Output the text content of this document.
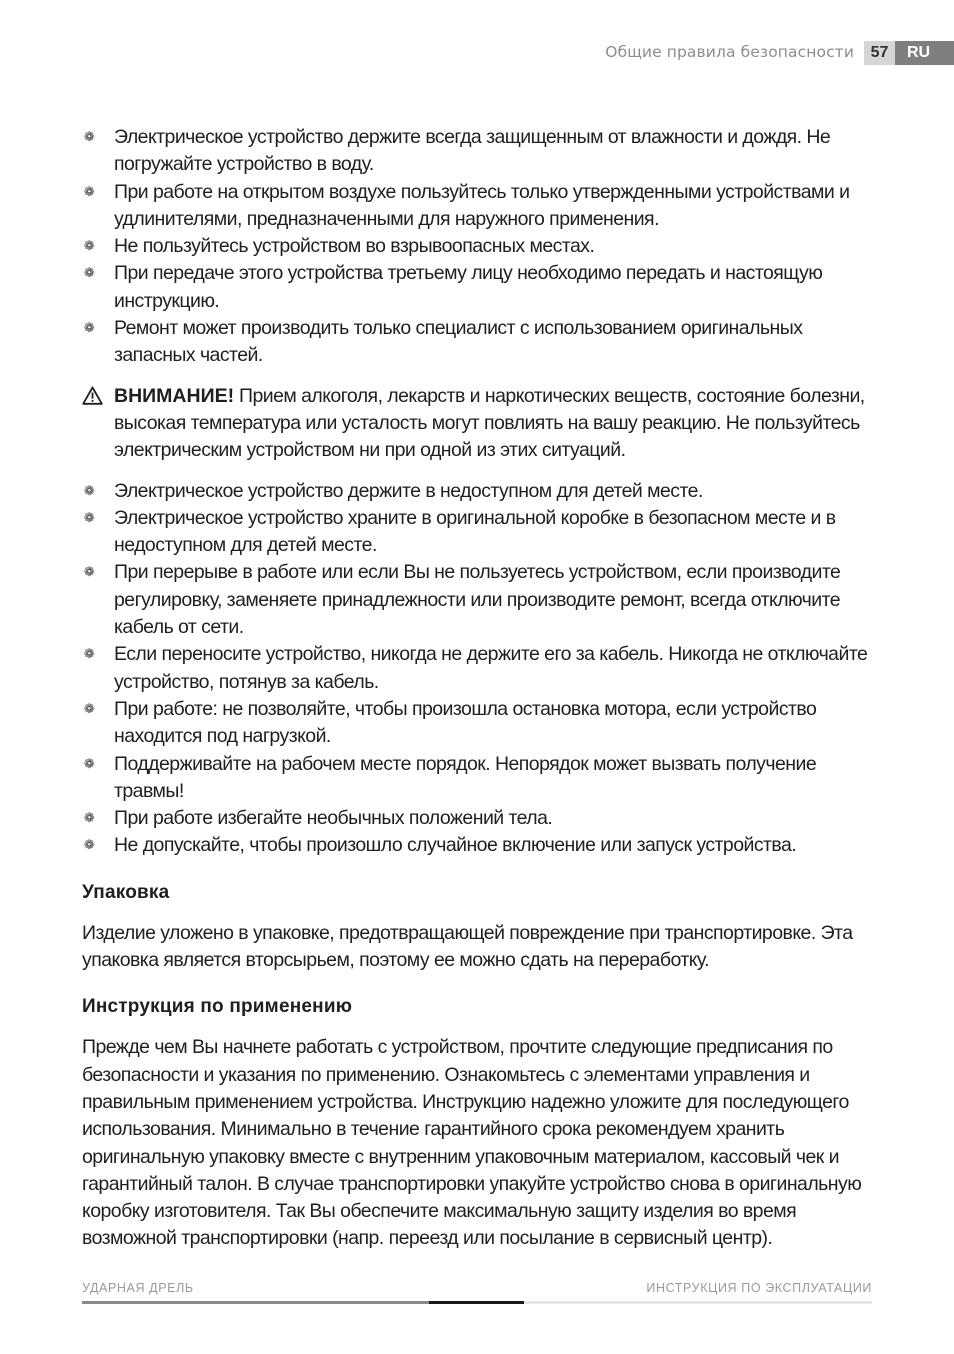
Общие правила безопасности	57	RU
❁ Электрическое устройство держите всегда защищенным от влажности и дождя. Не погружайте устройство в воду.
❁ При работе на открытом воздухе пользуйтесь только утвержденными устройствами и удлинителями, предназначенными для наружного применения.
❁ Не пользуйтесь устройством во взрывоопасных местах.
❁ При передаче этого устройства третьему лицу необходимо передать и настоящую инструкцию.
❁ Ремонт может производить только специалист с использованием оригинальных запасных частей.
ВНИМАНИЕ! Прием алкоголя, лекарств и наркотических веществ, состояние болезни, высокая температура или усталость могут повлиять на вашу реакцию. Не пользуйтесь электрическим устройством ни при одной из этих ситуаций.
❁ Электрическое устройство держите в недоступном для детей месте.
❁ Электрическое устройство храните в оригинальной коробке в безопасном месте и в недоступном для детей месте.
❁ При перерыве в работе или если Вы не пользуетесь устройством, если производите регулировку, заменяете принадлежности или производите ремонт, всегда отключите кабель от сети.
❁ Если переносите устройство, никогда не держите его за кабель. Никогда не отключайте устройство, потянув за кабель.
❁ При работе: не позволяйте, чтобы произошла остановка мотора, если устройство находится под нагрузкой.
❁ Поддерживайте на рабочем месте порядок. Непорядок может вызвать получение травмы!
❁ При работе избегайте необычных положений тела.
❁ Не допускайте, чтобы произошло случайное включение или запуск устройства.
Упаковка

Изделие уложено в упаковке, предотвращающей повреждение при транспортировке. Эта упаковка является вторсырьем, поэтому ее можно сдать на переработку.

Инструкция по применению

Прежде чем Вы начнете работать с устройством, прочтите следующие предписания по безопасности и указания по применению. Ознакомьтесь с элементами управления и правильным применением устройства. Инструкцию надежно уложите для последующего использования. Минимально в течение гарантийного срока рекомендуем хранить оригинальную упаковку вместе с внутренним упаковочным материалом, кассовый чек и гарантийный талон. В случае транспортировки упакуйте устройство снова в оригинальную коробку изготовителя. Так Вы обеспечите максимальную защиту изделия во время возможной транспортировки (напр. переезд или посылание в сервисный центр).

УДАРНАЯ ДРЕЛЬ	ИНСТРУКЦИЯ ПО ЭКСПЛУАТАЦИИ
